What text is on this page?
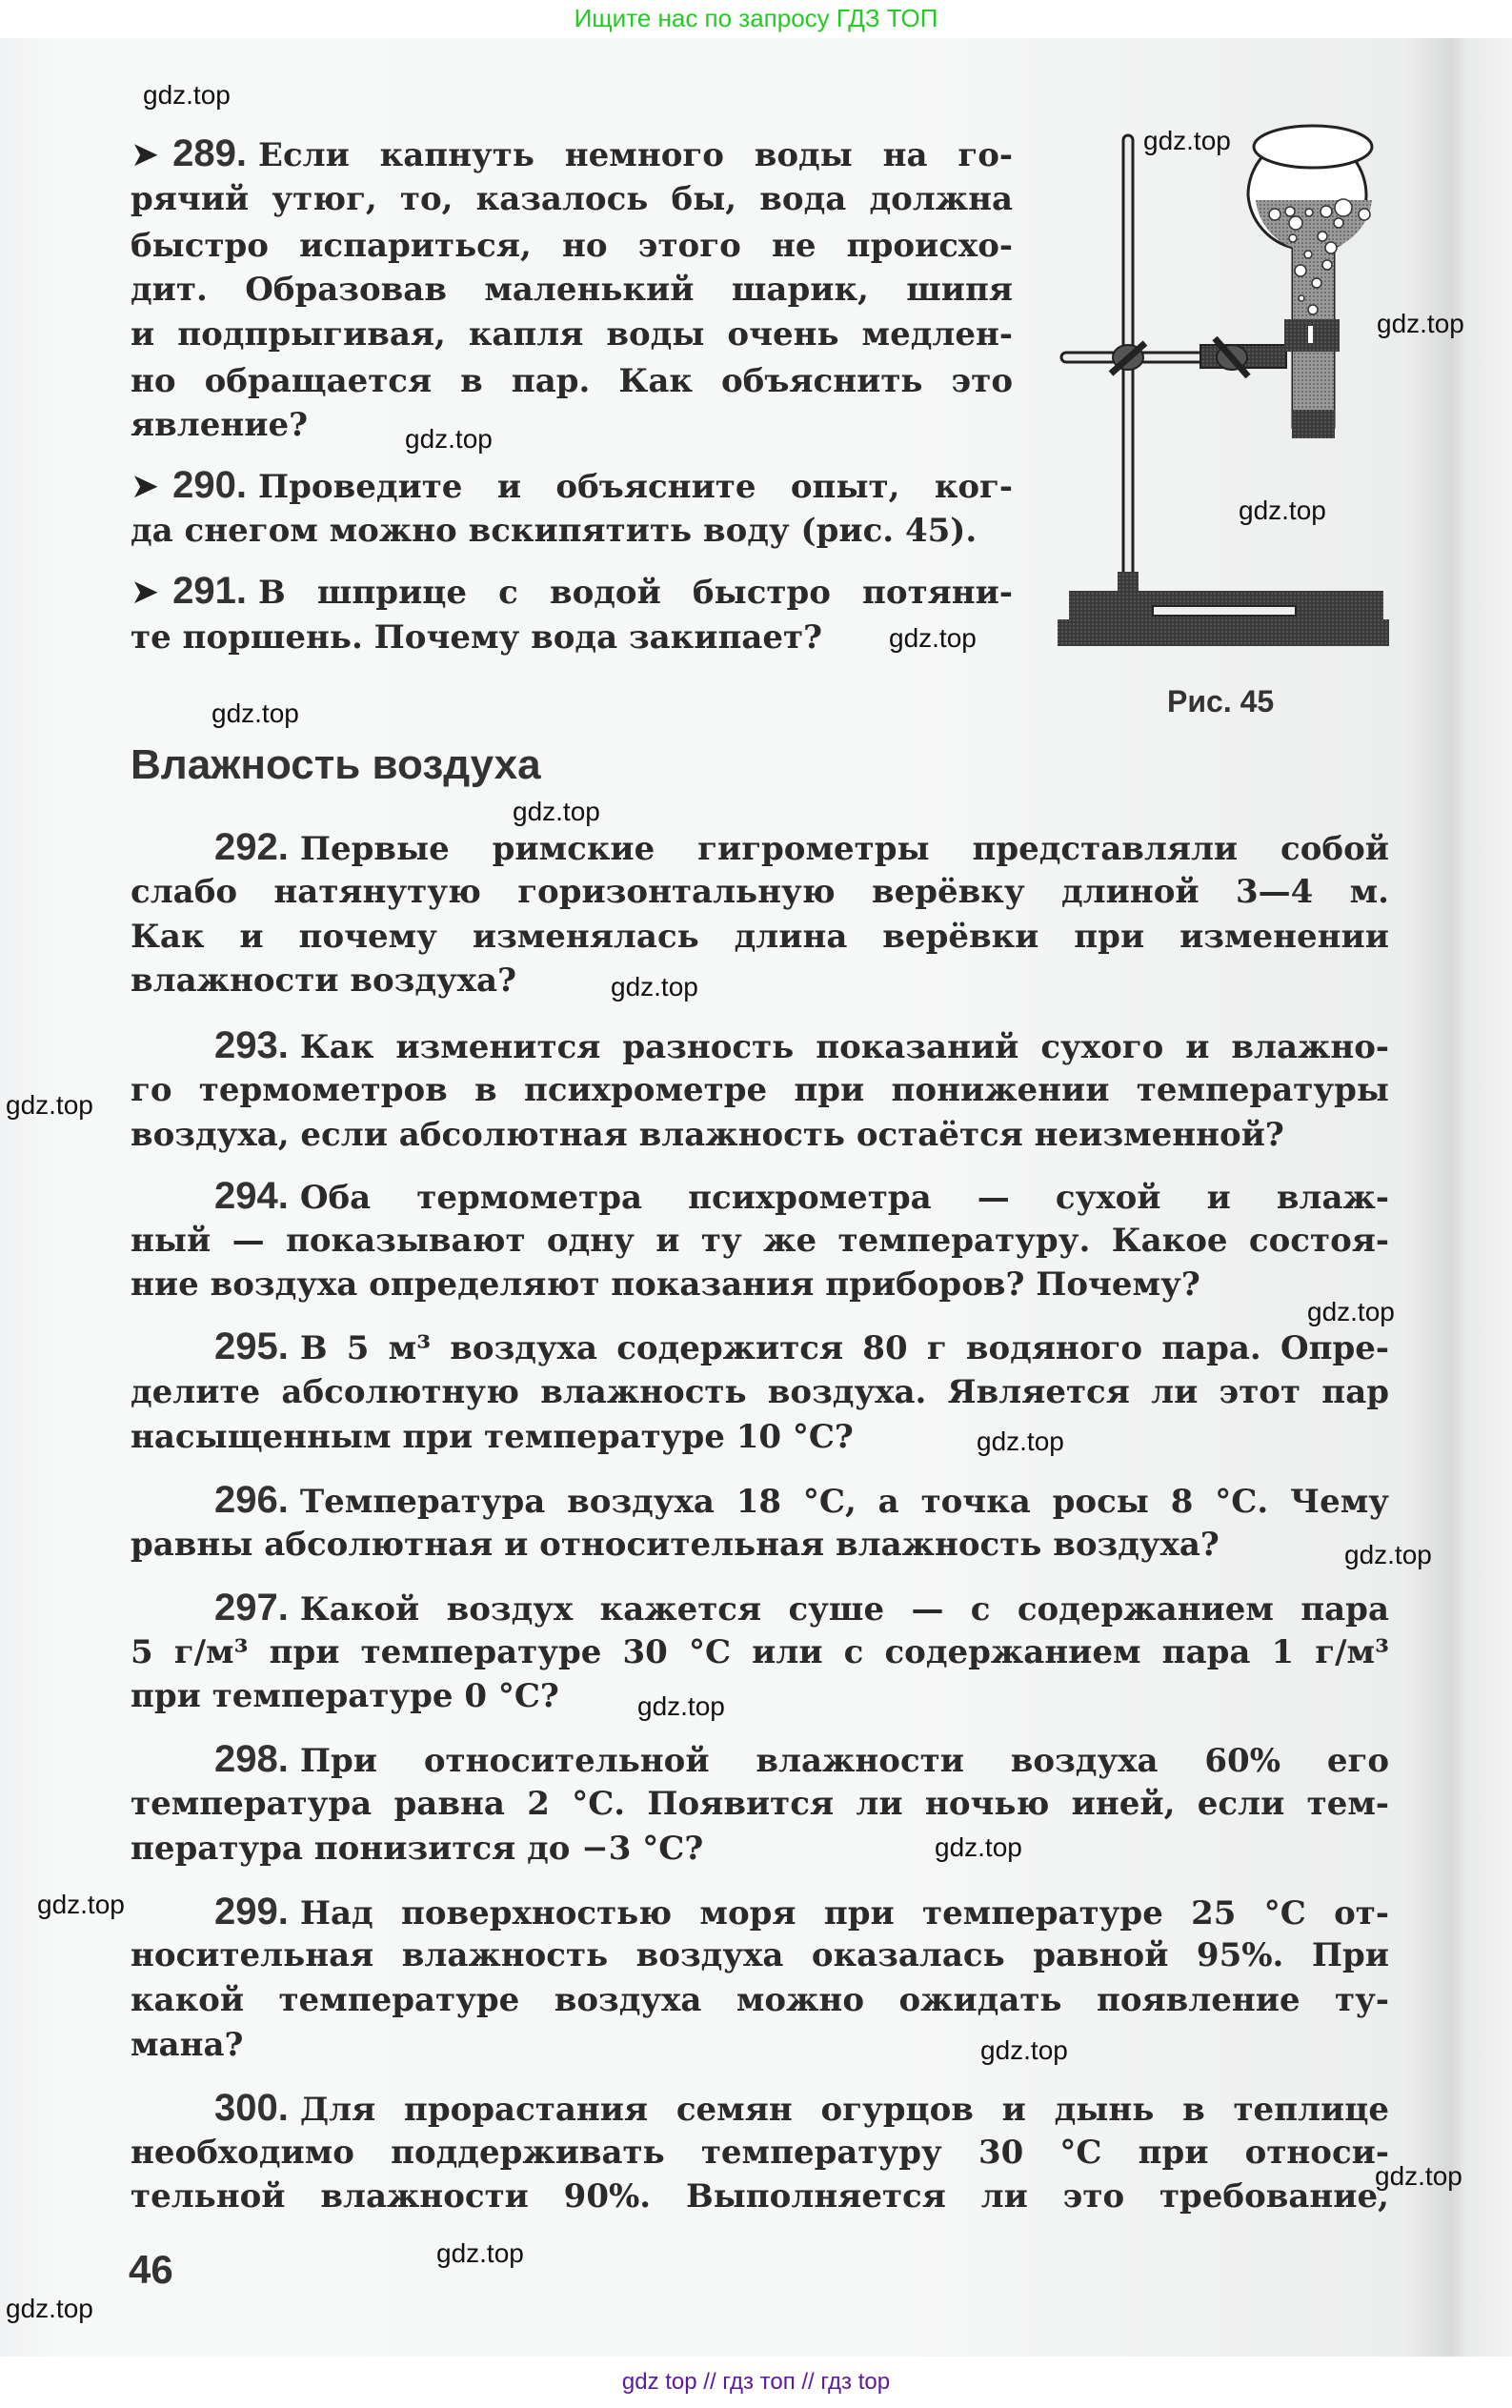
Ищите нас по запросу ГДЗ ТОП
➤ 289. Если капнуть немного воды на го-
рячий утюг, то, казалось бы, вода должна
быстро испариться, но этого не происхо-
дит. Образовав маленький шарик, шипя
и подпрыгивая, капля воды очень медлен-
но обращается в пар. Как объяснить это
явление?
➤ 290. Проведите и объясните опыт, ког-
да снегом можно вскипятить воду (рис. 45).
➤ 291. В шприце с водой быстро потяни-
те поршень. Почему вода закипает?
292. Первые римские гигрометры представляли собой
слабо натянутую горизонтальную верёвку длиной 3—4 м.
Как и почему изменялась длина верёвки при изменении
влажности воздуха?
293. Как изменится разность показаний сухого и влажно-
го термометров в психрометре при понижении температуры
воздуха, если абсолютная влажность остаётся неизменной?
294. Оба термометра психрометра — сухой и влаж-
ный — показывают одну и ту же температуру. Какое состоя-
ние воздуха определяют показания приборов? Почему?
295. В 5 м³ воздуха содержится 80 г водяного пара. Опре-
делите абсолютную влажность воздуха. Является ли этот пар
насыщенным при температуре 10 °С?
296. Температура воздуха 18 °С, а точка росы 8 °С. Чему
равны абсолютная и относительная влажность воздуха?
297. Какой воздух кажется суше — с содержанием пара
5 г/м³ при температуре 30 °С или с содержанием пара 1 г/м³
при температуре 0 °С?
298. При относительной влажности воздуха 60% его
температура равна 2 °С. Появится ли ночью иней, если тем-
пература понизится до −3 °С?
299. Над поверхностью моря при температуре 25 °С от-
носительная влажность воздуха оказалась равной 95%. При
какой температуре воздуха можно ожидать появление ту-
мана?
300. Для прорастания семян огурцов и дынь в теплице
необходимо поддерживать температуру 30 °С при относи-
тельной влажности 90%. Выполняется ли это требование,
Влажность воздуха
Рис. 45
46
gdz.top
gdz.top
gdz.top
gdz.top
gdz.top
gdz.top
gdz.top
gdz.top
gdz.top
gdz.top
gdz.top
gdz.top
gdz.top
gdz.top
gdz.top
gdz.top
gdz.top
gdz.top
gdz.top
gdz.top
gdz top // гдз топ // гдз top
